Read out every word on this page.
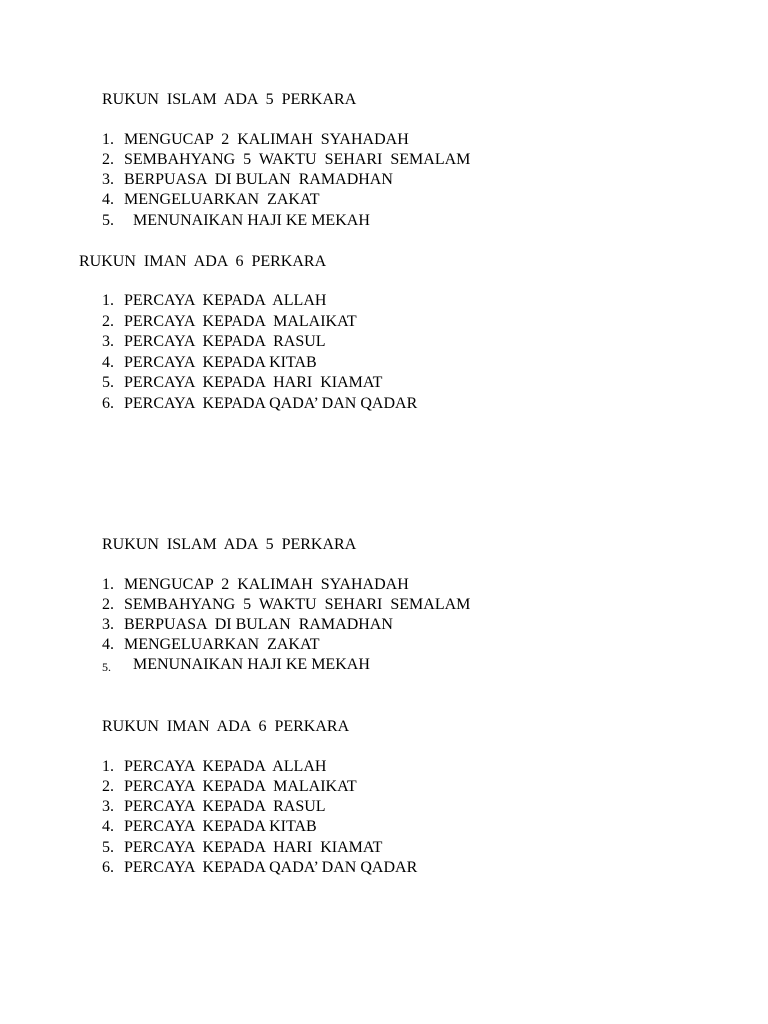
RUKUN  ISLAM  ADA  5  PERKARA

1.

MENGUCAP  2  KALIMAH  SYAHADAH

2.

SEMBAHYANG  5  WAKTU  SEHARI  SEMALAM

3.

BERPUASA  DI BULAN  RAMADHAN

4.

MENGELUARKAN  ZAKAT

5.

MENUNAIKAN HAJI KE MEKAH

RUKUN  IMAN  ADA  6  PERKARA

1.

PERCAYA  KEPADA  ALLAH

2.

PERCAYA  KEPADA  MALAIKAT

3.

PERCAYA  KEPADA  RASUL

4.

PERCAYA  KEPADA KITAB

5.

PERCAYA  KEPADA  HARI  KIAMAT

6.

PERCAYA  KEPADA QADA’ DAN QADAR

RUKUN  ISLAM  ADA  5  PERKARA

1.

MENGUCAP  2  KALIMAH  SYAHADAH

2.

SEMBAHYANG  5  WAKTU  SEHARI  SEMALAM

3.

BERPUASA  DI BULAN  RAMADHAN

4.

MENGELUARKAN  ZAKAT

5.

MENUNAIKAN HAJI KE MEKAH

RUKUN  IMAN  ADA  6  PERKARA

1.

PERCAYA  KEPADA  ALLAH

2.

PERCAYA  KEPADA  MALAIKAT

3.

PERCAYA  KEPADA  RASUL

4.

PERCAYA  KEPADA KITAB

5.

PERCAYA  KEPADA  HARI  KIAMAT

6.

PERCAYA  KEPADA QADA’ DAN QADAR
